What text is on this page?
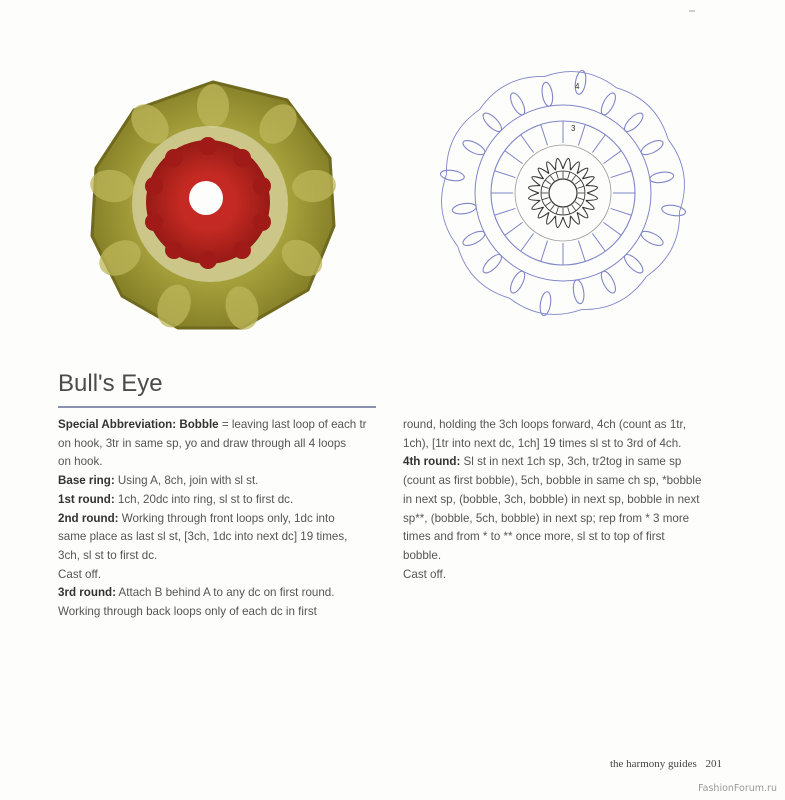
4
3
Bull's Eye

Special Abbreviation: Bobble = leaving last loop of each tr

on hook, 3tr in same sp, yo and draw through all 4 loops

on hook.

Base ring: Using A, 8ch, join with sl st.

1st round: 1ch, 20dc into ring, sl st to first dc.

2nd round: Working through front loops only, 1dc into

same place as last sl st, [3ch, 1dc into next dc] 19 times,

3ch, sl st to first dc.

Cast off.

3rd round: Attach B behind A to any dc on first round.

Working through back loops only of each dc in first

round, holding the 3ch loops forward, 4ch (count as 1tr,

1ch), [1tr into next dc, 1ch] 19 times sl st to 3rd of 4ch.

4th round: Sl st in next 1ch sp, 3ch, tr2tog in same sp

(count as first bobble), 5ch, bobble in same ch sp, *bobble

in next sp, (bobble, 3ch, bobble) in next sp, bobble in next

sp**, (bobble, 5ch, bobble) in next sp; rep from * 3 more

times and from * to ** once more, sl st to top of first

bobble.

Cast off.

the harmony guides 201
FashionForum.ru
